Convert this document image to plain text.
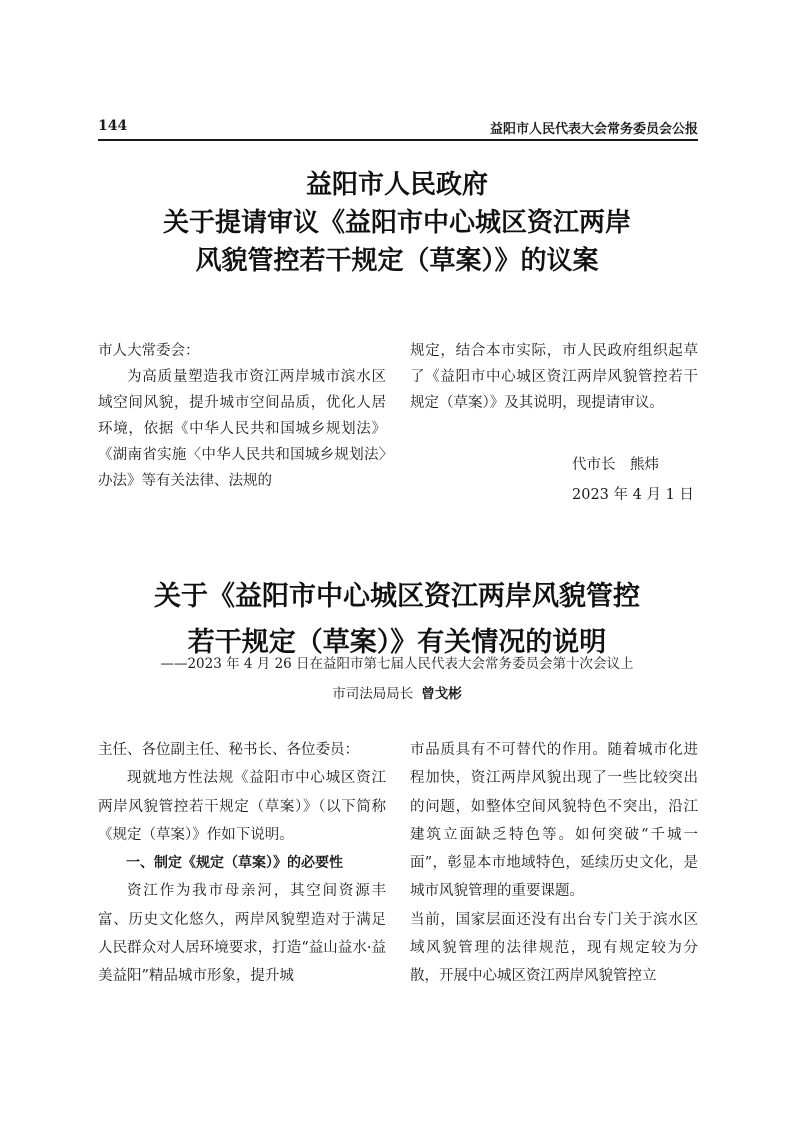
144	益阳市人民代表大会常务委员会公报
益阳市人民政府
关于提请审议《益阳市中心城区资江两岸
风貌管控若干规定（草案）》的议案

市人大常委会：

为高质量塑造我市资江两岸城市滨水区域空间风貌，提升城市空间品质，优化人居环境，依据《中华人民共和国城乡规划法》《湖南省实施〈中华人民共和国城乡规划法〉办法》等有关法律、法规的

规定，结合本市实际，市人民政府组织起草了《益阳市中心城区资江两岸风貌管控若干规定（草案）》及其说明，现提请审议。

代市长　熊炜
2023 年 4 月 1 日
关于《益阳市中心城区资江两岸风貌管控
若干规定（草案）》有关情况的说明
——2023 年 4 月 26 日在益阳市第七届人民代表大会常务委员会第十次会议上
市司法局局长 曾戈彬

主任、各位副主任、秘书长、各位委员：

现就地方性法规《益阳市中心城区资江两岸风貌管控若干规定（草案）》（以下简称《规定（草案）》作如下说明。

一、制定《规定（草案）》的必要性

资江作为我市母亲河，其空间资源丰富、历史文化悠久，两岸风貌塑造对于满足人民群众对人居环境要求，打造“益山益水·益美益阳”精品城市形象，提升城

市品质具有不可替代的作用。随着城市化进程加快，资江两岸风貌出现了一些比较突出的问题，如整体空间风貌特色不突出，沿江建筑立面缺乏特色等。如何突破“千城一面”，彰显本市地域特色，延续历史文化，是城市风貌管理的重要课题。

当前，国家层面还没有出台专门关于滨水区域风貌管理的法律规范，现有规定较为分散，开展中心城区资江两岸风貌管控立
